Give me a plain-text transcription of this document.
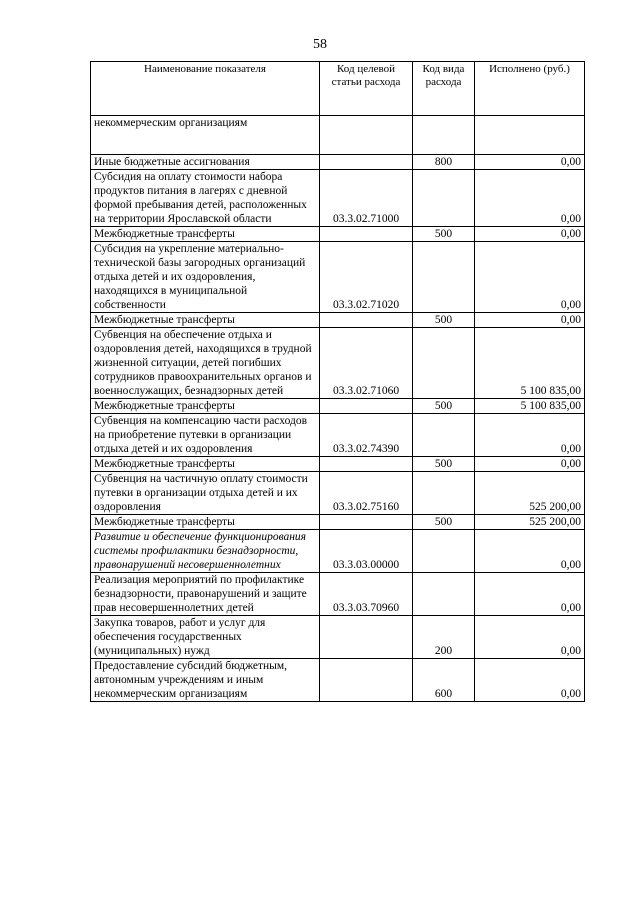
58
Наименование показателя	Код целевой статьи расхода	Код вида расхода	Исполнено (руб.)
некоммерческим организациям			
Иные бюджетные ассигнования		800	0,00
Субсидия на оплату стоимости набора продуктов питания в лагерях с дневной формой пребывания детей, расположенных на территории Ярославской области	03.3.02.71000		0,00
Межбюджетные трансферты		500	0,00
Субсидия на укрепление материально-технической базы загородных организаций отдыха детей и их оздоровления, находящихся в муниципальной собственности	03.3.02.71020		0,00
Межбюджетные трансферты		500	0,00
Субвенция на обеспечение отдыха и оздоровления детей, находящихся в трудной жизненной ситуации, детей погибших сотрудников правоохранительных органов и военнослужащих, безнадзорных детей	03.3.02.71060		5 100 835,00
Межбюджетные трансферты		500	5 100 835,00
Субвенция на компенсацию части расходов на приобретение путевки в организации отдыха детей и их оздоровления	03.3.02.74390		0,00
Межбюджетные трансферты		500	0,00
Субвенция на частичную оплату стоимости путевки в организации отдыха детей и их оздоровления	03.3.02.75160		525 200,00
Межбюджетные трансферты		500	525 200,00
Развитие и обеспечение функционирования системы профилактики безнадзорности, правонарушений несовершеннолетних	03.3.03.00000		0,00
Реализация мероприятий по профилактике безнадзорности, правонарушений и защите прав несовершеннолетних детей	03.3.03.70960		0,00
Закупка товаров, работ и услуг для обеспечения государственных (муниципальных) нужд		200	0,00
Предоставление субсидий бюджетным, автономным учреждениям и иным некоммерческим организациям		600	0,00
